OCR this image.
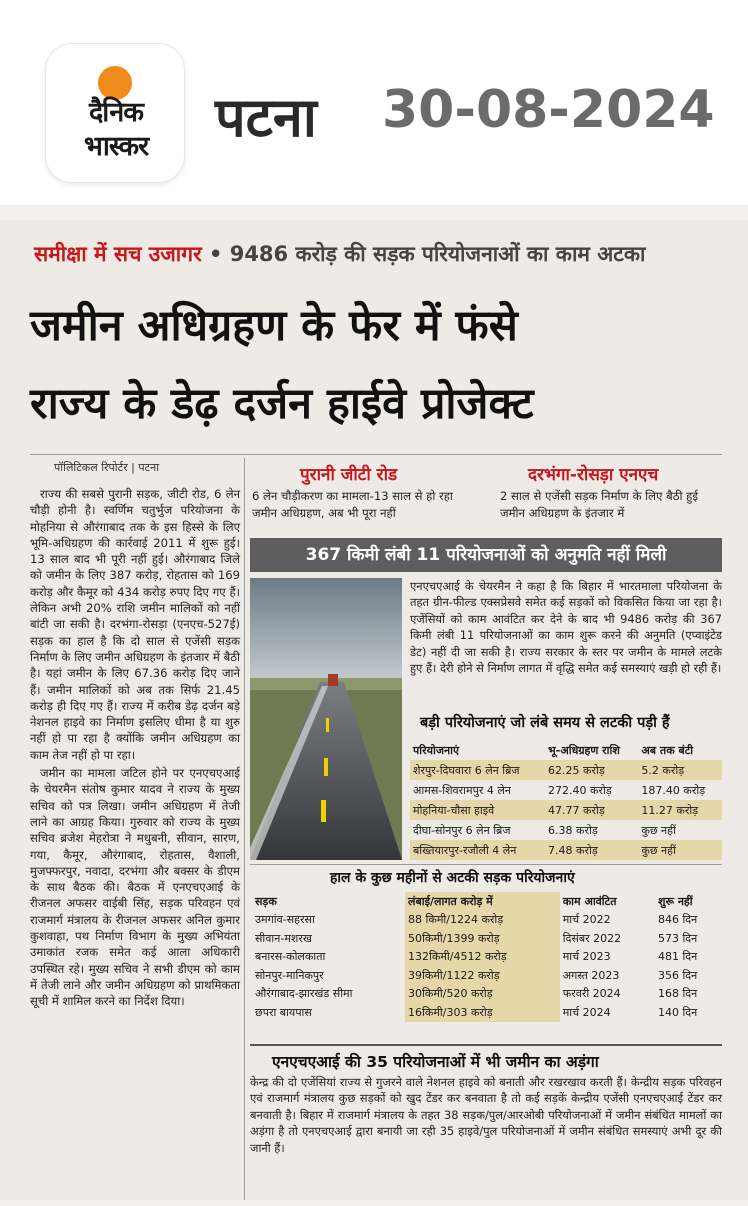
दैनिक
भास्कर	पटना 30-08-2024
समीक्षा में सच उजागर • 9486 करोड़ की सड़क परियोजनाओं का काम अटका
जमीन अधिग्रहण के फेर में फंसे
राज्य के डेढ़ दर्जन हाईवे प्रोजेक्ट
पॉलिटिकल रिपोर्टर | पटना

राज्य की सबसे पुरानी सड़क, जीटी रोड, 6 लेन चौड़ी होनी है। स्वर्णिम चतुर्भुज परियोजना के मोहनिया से औरंगाबाद तक के इस हिस्से के लिए भूमि-अधिग्रहण की कार्रवाई 2011 में शुरू हुई। 13 साल बाद भी पूरी नहीं हुई। औरंगाबाद जिले को जमीन के लिए 387 करोड़, रोहतास को 169 करोड़ और कैमूर को 434 करोड़ रुपए दिए गए हैं। लेकिन अभी 20% राशि जमीन मालिकों को नहीं बांटी जा सकी है। दरभंगा-रोसड़ा (एनएच-527ई) सड़क का हाल है कि दो साल से एजेंसी सड़क निर्माण के लिए जमीन अधिग्रहण के इंतजार में बैठी है। यहां जमीन के लिए 67.36 करोड़ दिए जाने हैं। जमीन मालिकों को अब तक सिर्फ 21.45 करोड़ ही दिए गए हैं। राज्य में करीब डेढ़ दर्जन बड़े नेशनल हाइवे का निर्माण इसलिए धीमा है या शुरु नहीं हो पा रहा है क्योंकि जमीन अधिग्रहण का काम तेज नहीं हो पा रहा।

जमीन का मामला जटिल होने पर एनएचएआई के चेयरमैन संतोष कुमार यादव ने राज्य के मुख्य सचिव को पत्र लिखा। जमीन अधिग्रहण में तेजी लाने का आग्रह किया। गुरुवार को राज्य के मुख्य सचिव ब्रजेश मेहरोत्रा ने मधुबनी, सीवान, सारण, गया, कैमूर, औरंगाबाद, रोहतास, वैशाली, मुजफ्फरपुर, नवादा, दरभंगा और बक्सर के डीएम के साथ बैठक की। बैठक में एनएचएआई के रीजनल अफसर वाईबी सिंह, सड़क परिवहन एवं राजमार्ग मंत्रालय के रीजनल अफसर अनिल कुमार कुशवाहा, पथ निर्माण विभाग के मुख्य अभियंता उमाकांत रजक समेत कई आला अधिकारी उपस्थित रहे। मुख्य सचिव ने सभी डीएम को काम में तेजी लाने और जमीन अधिग्रहण को प्राथमिकता सूची में शामिल करने का निर्देश दिया।

पुरानी जीटी रोड
6 लेन चौड़ीकरण का मामला-13 साल से हो रहा जमीन अधिग्रहण, अब भी पूरा नहीं
दरभंगा-रोसड़ा एनएच
2 साल से एजेंसी सड़क निर्माण के लिए बैठी हुई जमीन अधिग्रहण के इंतजार में
367 किमी लंबी 11 परियोजनाओं को अनुमति नहीं मिली
एनएचएआई के चेयरमैन ने कहा है कि बिहार में भारतमाला परियोजना के तहत ग्रीन-फील्ड एक्सप्रेसवे समेत कई सड़कों को विकसित किया जा रहा है। एजेंसियों को काम आवंटित कर देने के बाद भी 9486 करोड़ की 367 किमी लंबी 11 परियोजनाओं का काम शुरू करने की अनुमति (एप्वाइंटेड डेट) नहीं दी जा सकी है। राज्य सरकार के स्तर पर जमीन के मामले लटके हुए हैं। देरी होने से निर्माण लागत में वृद्धि समेत कई समस्याएं खड़ी हो रही हैं।
बड़ी परियोजनाएं जो लंबे समय से लटकी पड़ी हैं
परियोजनाएं	भू-अधिग्रहण राशि	अब तक बंटी
शेरपुर-दिघवारा 6 लेन ब्रिज	62.25 करोड़	5.2 करोड़
आमस-शिवरामपुर 4 लेन	272.40 करोड़	187.40 करोड़
मोहनिया-चौसा हाइवे	47.77 करोड़	11.27 करोड़
दीघा-सोनपुर 6 लेन ब्रिज	6.38 करोड़	कुछ नहीं
बख्तियारपुर-रजौली 4 लेन	7.48 करोड़	कुछ नहीं
हाल के कुछ महीनों से अटकी सड़क परियोजनाएं
सड़क	लंबाई/लागत करोड़ में	काम आवंटित	शुरू नहीं
उमगांव-सहरसा	88 किमी/1224 करोड़	मार्च 2022	846 दिन
सीवान-मशरख	50किमी/1399 करोड़	दिसंबर 2022	573 दिन
बनारस-कोलकाता	132किमी/4512 करोड़	मार्च 2023	481 दिन
सोनपुर-मानिकपुर	39किमी/1122 करोड़	अगस्त 2023	356 दिन
औरंगाबाद-झारखंड सीमा	30किमी/520 करोड़	फरवरी 2024	168 दिन
छपरा बायपास	16किमी/303 करोड़	मार्च 2024	140 दिन
एनएचएआई की 35 परियोजनाओं में भी जमीन का अड़ंगा
केन्द्र की दो एजेंसियां राज्य से गुजरने वाले नेशनल हाइवे को बनाती और रखरखाव करती हैं। केन्द्रीय सड़क परिवहन एवं राजमार्ग मंत्रालय कुछ सड़कों को खुद टेंडर कर बनवाता है तो कई सड़कें केन्द्रीय एजेंसी एनएचएआई टेंडर कर बनवाती है। बिहार में राजमार्ग मंत्रालय के तहत 38 सड़क/पुल/आरओबी परियोजनाओं में जमीन संबंधित मामलों का अड़ंगा है तो एनएचएआई द्वारा बनायी जा रही 35 हाइवे/पुल परियोजनाओं में जमीन संबंधित समस्याएं अभी दूर की जानी हैं।
